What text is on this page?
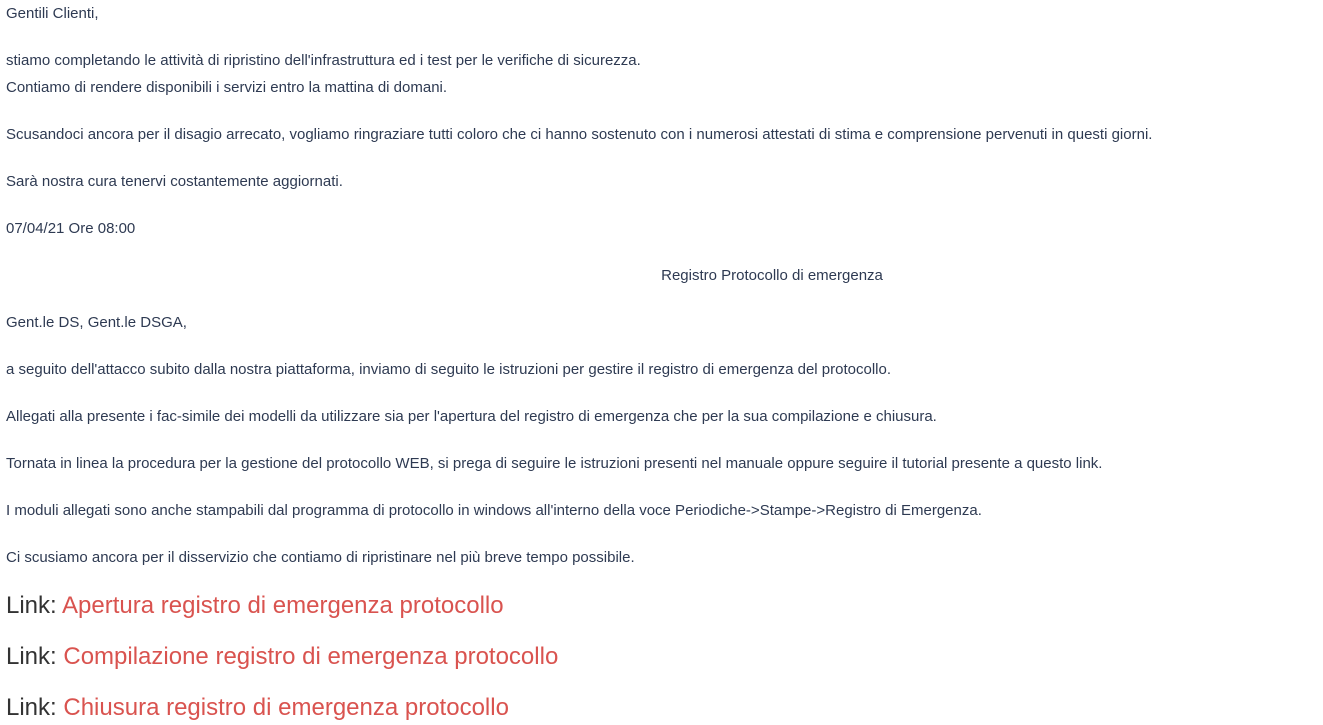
Gentili Clienti,

stiamo completando le attività di ripristino dell'infrastruttura ed i test per le verifiche di sicurezza.

Contiamo di rendere disponibili i servizi entro la mattina di domani.

Scusandoci ancora per il disagio arrecato, vogliamo ringraziare tutti coloro che ci hanno sostenuto con i numerosi attestati di stima e comprensione pervenuti in questi giorni.

Sarà nostra cura tenervi costantemente aggiornati.

07/04/21 Ore 08:00

Registro Protocollo di emergenza

Gent.le DS, Gent.le DSGA,

a seguito dell'attacco subito dalla nostra piattaforma, inviamo di seguito le istruzioni per gestire il registro di emergenza del protocollo.

Allegati alla presente i fac-simile dei modelli da utilizzare sia per l'apertura del registro di emergenza che per la sua compilazione e chiusura.

Tornata in linea la procedura per la gestione del protocollo WEB, si prega di seguire le istruzioni presenti nel manuale oppure seguire il tutorial presente a questo link.

I moduli allegati sono anche stampabili dal programma di protocollo in windows all'interno della voce Periodiche->Stampe->Registro di Emergenza.

Ci scusiamo ancora per il disservizio che contiamo di ripristinare nel più breve tempo possibile.

Link: Apertura registro di emergenza protocollo

Link: Compilazione registro di emergenza protocollo

Link: Chiusura registro di emergenza protocollo
